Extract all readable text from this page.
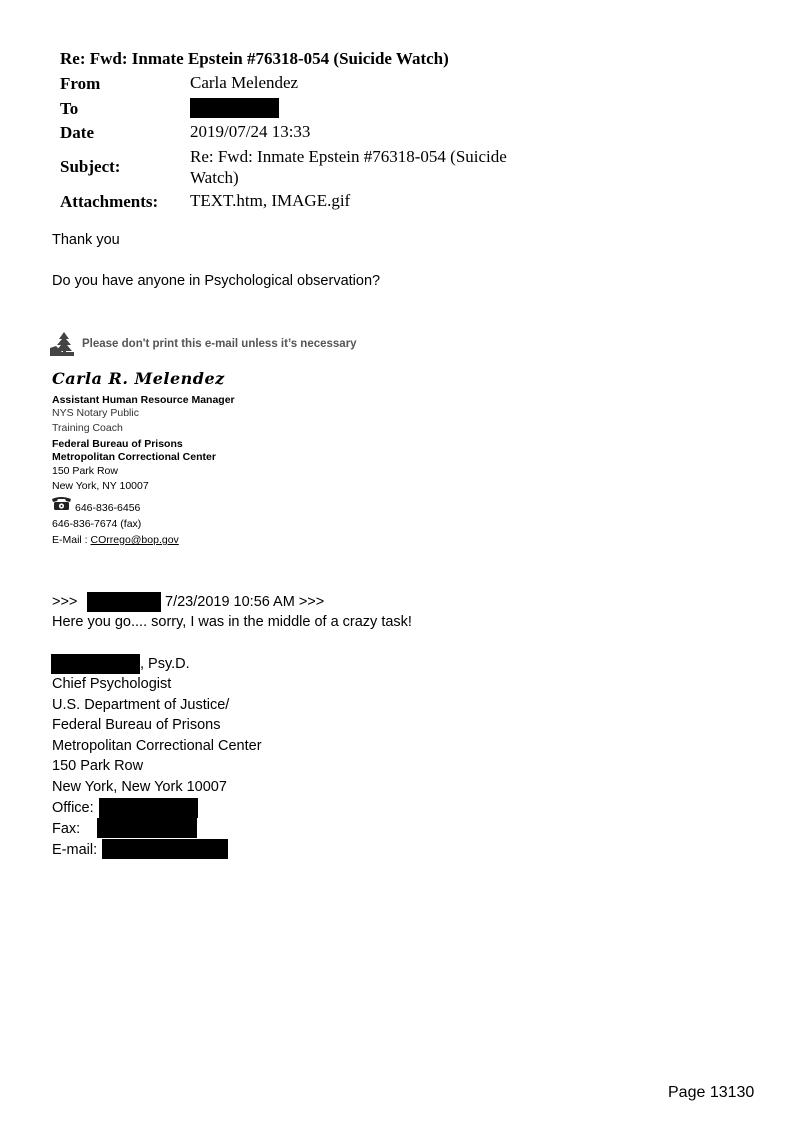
Re: Fwd: Inmate Epstein #76318-054 (Suicide Watch)
From	Carla Melendez
To
Date	2019/07/24 13:33
Subject:
Re: Fwd: Inmate Epstein #76318-054 (Suicide
Watch)
Attachments: TEXT.htm, IMAGE.gif
Thank you
Do you have anyone in Psychological observation?
Please don't print this e-mail unless it’s necessary
Carla R. Melendez
Assistant Human Resource Manager
NYS Notary Public
Training Coach
Federal Bureau of Prisons
Metropolitan Correctional Center
150 Park Row
New York, NY 10007
646-836-6456
646-836-7674 (fax)
E-Mail : COrrego@bop.gov
>>>	7/23/2019 10:56 AM >>>
Here you go.... sorry, I was in the middle of a crazy task!
, Psy.D.
Chief Psychologist
U.S. Department of Justice/
Federal Bureau of Prisons
Metropolitan Correctional Center
150 Park Row
New York, New York 10007
Office:
Fax:
E-mail:
Page 13130
